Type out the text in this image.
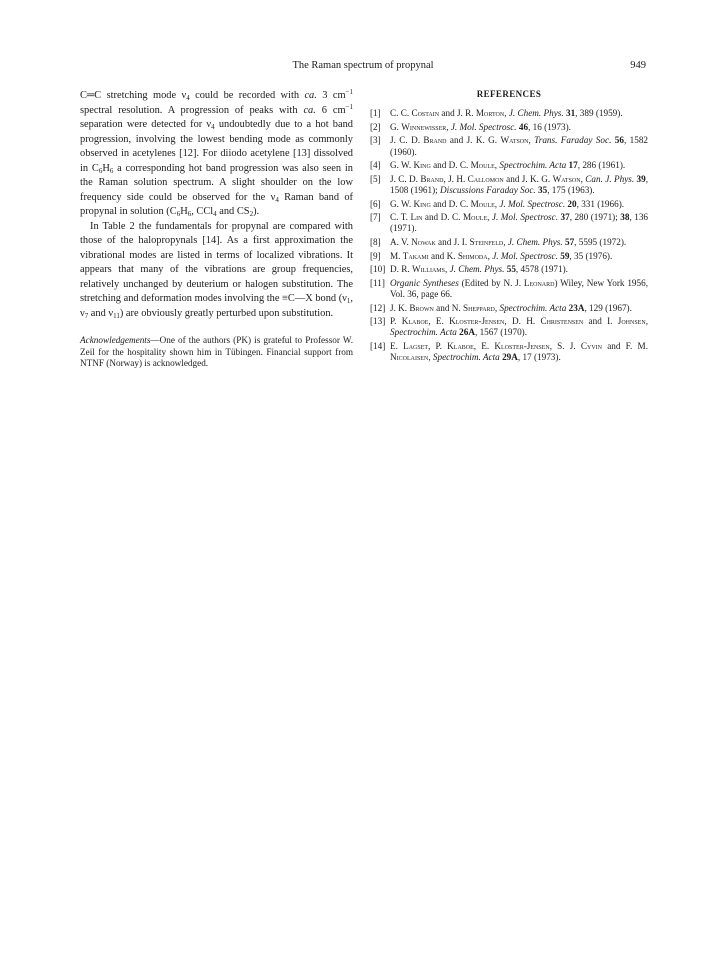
The Raman spectrum of propynal	949

C═C stretching mode $\nu_4$ could be recorded with ca. 3 $cm^{-1}$ spectral resolution. A progression of peaks with ca. 6 $cm^{-1}$ separation were detected for $\nu_4$ undoubtedly due to a hot band progression, involving the lowest bending mode as commonly observed in acetylenes [12]. For diiodo acetylene [13] dissolved in $C_6H_6$ a corresponding hot band progression was also seen in the Raman solution spectrum. A slight shoulder on the low frequency side could be observed for the $\nu_4$ Raman band of propynal in solution ($C_6H_6$, CCl$_4$ and $CS_2$).

In Table 2 the fundamentals for propynal are compared with those of the halopropynals [14]. As a first approximation the vibrational modes are listed in terms of localized vibrations. It appears that many of the vibrations are group frequencies, relatively unchanged by deuterium or halogen substitution. The stretching and deformation modes involving the ≡C—X bond ($\nu_1$, $\nu_7$ and $\nu_{11}$) are obviously greatly perturbed upon substitution.

Acknowledgements—One of the authors (PK) is grateful to Professor W. Zeil for the hospitality shown him in Tübingen. Financial support from NTNF (Norway) is acknowledged.

REFERENCES
[1]	C. C. Costain and J. R. Morton, J. Chem. Phys. 31, 389 (1959).
[2]	G. Winnewisser, J. Mol. Spectrosc. 46, 16 (1973).
[3]	J. C. D. Brand and J. K. G. Watson, Trans. Faraday Soc. 56, 1582 (1960).
[4]	G. W. King and D. C. Moule, Spectrochim. Acta 17, 286 (1961).
[5]	J. C. D. Brand, J. H. Callomon and J. K. G. Watson, Can. J. Phys. 39, 1508 (1961); Discussions Faraday Soc. 35, 175 (1963).
[6]	G. W. King and D. C. Moule, J. Mol. Spectrosc. 20, 331 (1966).
[7]	C. T. Lin and D. C. Moule, J. Mol. Spectrosc. 37, 280 (1971); 38, 136 (1971).
[8]	A. V. Nowak and J. I. Steinfeld, J. Chem. Phys. 57, 5595 (1972).
[9]	M. Takami and K. Shimoda, J. Mol. Spectrosc. 59, 35 (1976).
[10] D. R. Williams, J. Chem. Phys. 55, 4578 (1971).
[11] Organic Syntheses (Edited by N. J. Leonard) Wiley, New York 1956, Vol. 36, page 66.
[12] J. K. Brown and N. Sheppard, Spectrochim. Acta 23A, 129 (1967).
[13] P. Klaboe, E. Kloster-Jensen, D. H. Christensen and I. Johnsen, Spectrochim. Acta 26A, 1567 (1970).
[14] E. Lagset, P. Klaboe, E. Kloster-Jensen, S. J. Cyvin and F. M. Nicolaisen, Spectrochim. Acta 29A, 17 (1973).
